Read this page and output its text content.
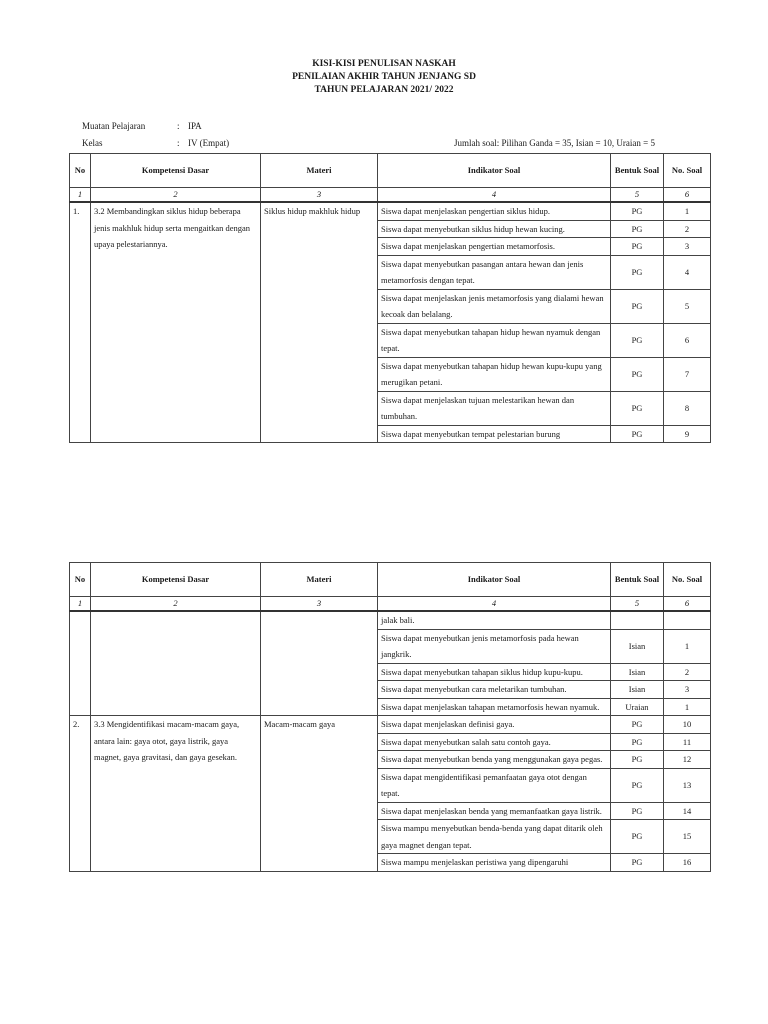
KISI-KISI PENULISAN NASKAH
PENILAIAN AKHIR TAHUN JENJANG SD
TAHUN PELAJARAN 2021/ 2022
Muatan Pelajaran	: IPA
Kelas	: IV (Empat)	Jumlah soal: Pilihan Ganda = 35, Isian = 10, Uraian = 5
No	Kompetensi Dasar	Materi	Indikator Soal	Bentuk Soal	No. Soal
1	2	3	4	5	6
1.	3.2 Membandingkan siklus hidup beberapa jenis makhluk hidup serta mengaitkan dengan upaya pelestariannya.	Siklus hidup makhluk hidup	Siswa dapat menjelaskan pengertian siklus hidup.	PG	1
			Siswa dapat menyebutkan siklus hidup hewan kucing.	PG	2
			Siswa dapat menjelaskan pengertian metamorfosis.	PG	3
			Siswa dapat menyebutkan pasangan antara hewan dan jenis metamorfosis dengan tepat.	PG	4
			Siswa dapat menjelaskan jenis metamorfosis yang dialami hewan kecoak dan belalang.	PG	5
			Siswa dapat menyebutkan tahapan hidup hewan nyamuk dengan tepat.	PG	6
			Siswa dapat menyebutkan tahapan hidup hewan kupu-kupu yang merugikan petani.	PG	7
			Siswa dapat menjelaskan tujuan melestarikan hewan dan tumbuhan.	PG	8
			Siswa dapat menyebutkan tempat pelestarian burung	PG	9
No	Kompetensi Dasar	Materi	Indikator Soal	Bentuk Soal	No. Soal
1	2	3	4	5	6
			jalak bali.		
			Siswa dapat menyebutkan jenis metamorfosis pada hewan jangkrik.	Isian	1
			Siswa dapat menyebutkan tahapan siklus hidup kupu-kupu.	Isian	2
			Siswa dapat menyebutkan cara meletarikan tumbuhan.	Isian	3
			Siswa dapat menjelaskan tahapan metamorfosis hewan nyamuk.	Uraian	1
2.	3.3 Mengidentifikasi macam-macam gaya, antara lain: gaya otot, gaya listrik, gaya magnet, gaya gravitasi, dan gaya gesekan.	Macam-macam gaya	Siswa dapat menjelaskan definisi gaya.	PG	10
			Siswa dapat menyebutkan salah satu contoh gaya.	PG	11
			Siswa dapat menyebutkan benda yang menggunakan gaya pegas.	PG	12
			Siswa dapat mengidentifikasi pemanfaatan gaya otot dengan tepat.	PG	13
			Siswa dapat menjelaskan benda yang memanfaatkan gaya listrik.	PG	14
			Siswa mampu menyebutkan benda-benda yang dapat ditarik oleh gaya magnet dengan tepat.	PG	15
			Siswa mampu menjelaskan peristiwa yang dipengaruhi	PG	16
